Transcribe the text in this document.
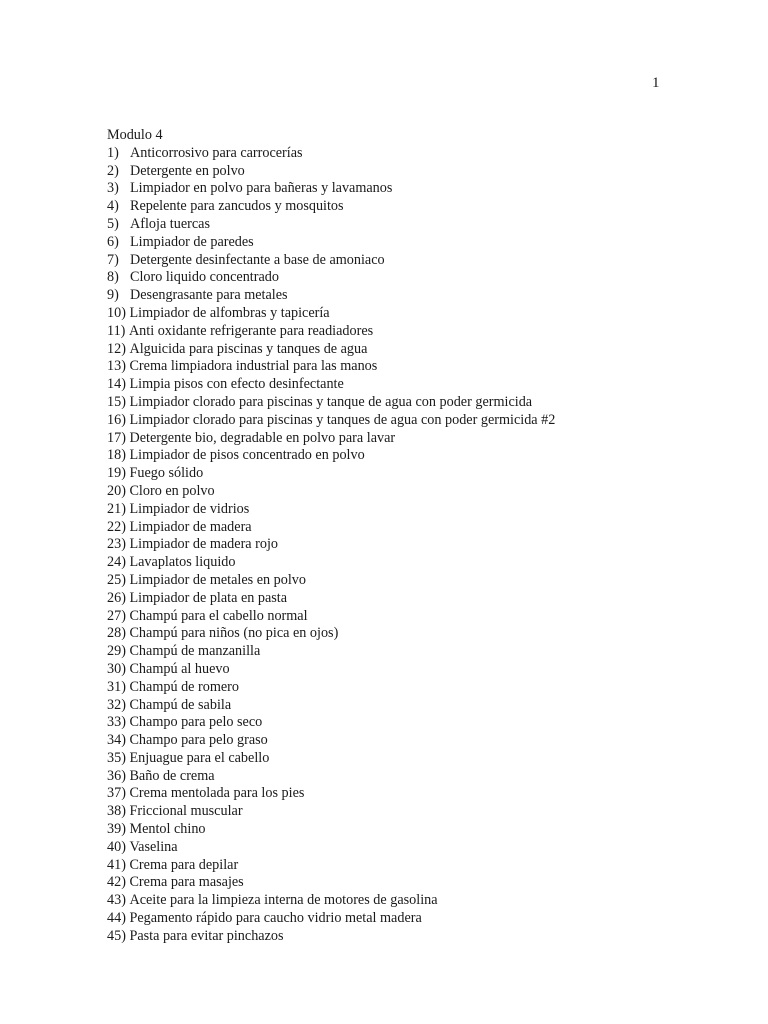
1
Modulo 4
1) Anticorrosivo para carrocerías
2) Detergente en polvo
3) Limpiador en polvo para bañeras y lavamanos
4) Repelente para zancudos y mosquitos
5) Afloja tuercas
6) Limpiador de paredes
7) Detergente desinfectante a base de amoniaco
8) Cloro liquido concentrado
9) Desengrasante para metales
10) Limpiador de alfombras y tapicería
11) Anti oxidante refrigerante para readiadores
12) Alguicida para piscinas y tanques de agua
13) Crema limpiadora industrial para las manos
14) Limpia pisos con efecto desinfectante
15) Limpiador clorado para piscinas y tanque de agua con poder germicida
16) Limpiador clorado para piscinas y tanques de agua con poder germicida #2
17) Detergente bio, degradable en polvo para lavar
18) Limpiador de pisos concentrado en polvo
19) Fuego sólido
20) Cloro en polvo
21) Limpiador de vidrios
22) Limpiador de madera
23) Limpiador de madera rojo
24) Lavaplatos liquido
25) Limpiador de metales en polvo
26) Limpiador de plata en pasta
27) Champú para el cabello normal
28) Champú para niños (no pica en ojos)
29) Champú de manzanilla
30) Champú al huevo
31) Champú de romero
32) Champú de sabila
33) Champo para pelo seco
34) Champo para pelo graso
35) Enjuague para el cabello
36) Baño de crema
37) Crema mentolada para los pies
38) Friccional muscular
39) Mentol chino
40) Vaselina
41) Crema para depilar
42) Crema para masajes
43) Aceite para la limpieza interna de motores de gasolina
44) Pegamento rápido para caucho vidrio metal madera
45) Pasta para evitar pinchazos
